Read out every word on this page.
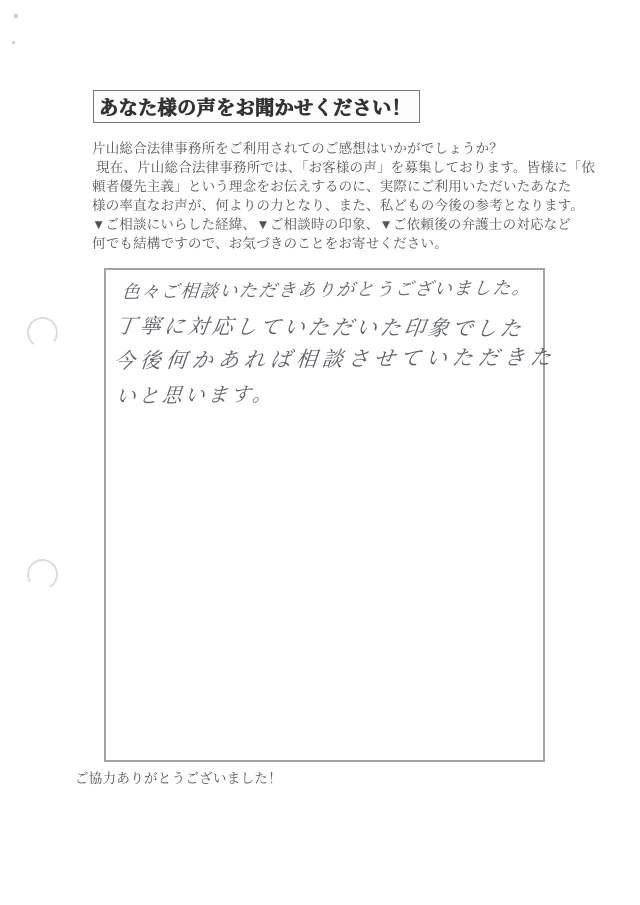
あなた様の声をお聞かせください！
片山総合法律事務所をご利用されてのご感想はいかがでしょうか？
現在、片山総合法律事務所では、「お客様の声」を募集しております。皆様に「依
頼者優先主義」という理念をお伝えするのに、実際にご利用いただいたあなた
様の率直なお声が、何よりの力となり、また、私どもの今後の参考となります。
▼ご相談にいらした経緯、▼ご相談時の印象、▼ご依頼後の弁護士の対応など
何でも結構ですので、お気づきのことをお寄せください。
色々ご相談いただきありがとうございました。
丁寧に対応していただいた印象でした
今後何かあれば相談させていただきた
いと思います。
ご協力ありがとうございました！
